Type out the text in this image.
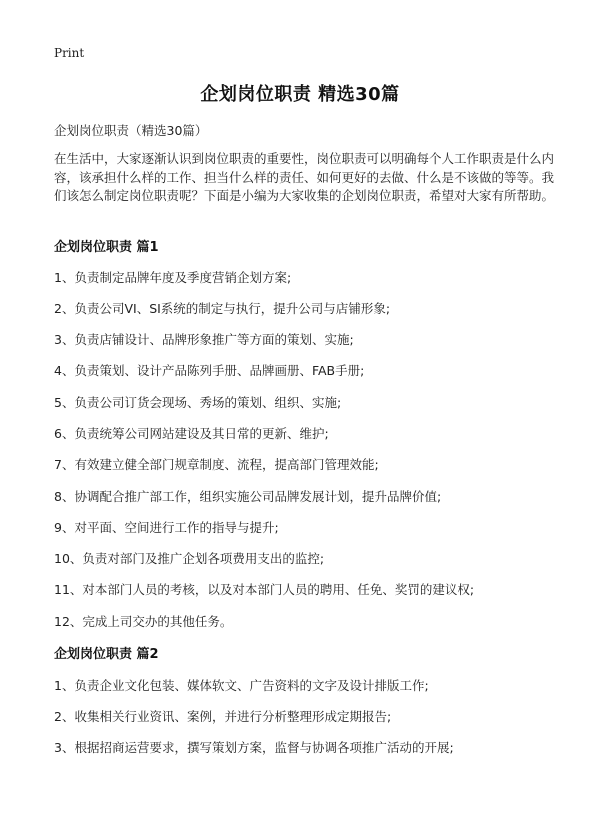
Print
企划岗位职责 精选30篇
企划岗位职责（精选30篇）

在生活中，大家逐渐认识到岗位职责的重要性，岗位职责可以明确每个人工作职责是什么内容，该承担什么样的工作、担当什么样的责任、如何更好的去做、什么是不该做的等等。我们该怎么制定岗位职责呢？下面是小编为大家收集的企划岗位职责，希望对大家有所帮助。

企划岗位职责 篇1
1、负责制定品牌年度及季度营销企划方案;
2、负责公司VI、SI系统的制定与执行，提升公司与店铺形象;
3、负责店铺设计、品牌形象推广等方面的策划、实施;
4、负责策划、设计产品陈列手册、品牌画册、FAB手册;
5、负责公司订货会现场、秀场的策划、组织、实施;
6、负责统筹公司网站建设及其日常的更新、维护;
7、有效建立健全部门规章制度、流程，提高部门管理效能;
8、协调配合推广部工作，组织实施公司品牌发展计划，提升品牌价值;
9、对平面、空间进行工作的指导与提升;
10、负责对部门及推广企划各项费用支出的监控;
11、对本部门人员的考核，以及对本部门人员的聘用、任免、奖罚的建议权;
12、完成上司交办的其他任务。
企划岗位职责 篇2
1、负责企业文化包装、媒体软文、广告资料的文字及设计排版工作;
2、收集相关行业资讯、案例，并进行分析整理形成定期报告;
3、根据招商运营要求，撰写策划方案，监督与协调各项推广活动的开展;
